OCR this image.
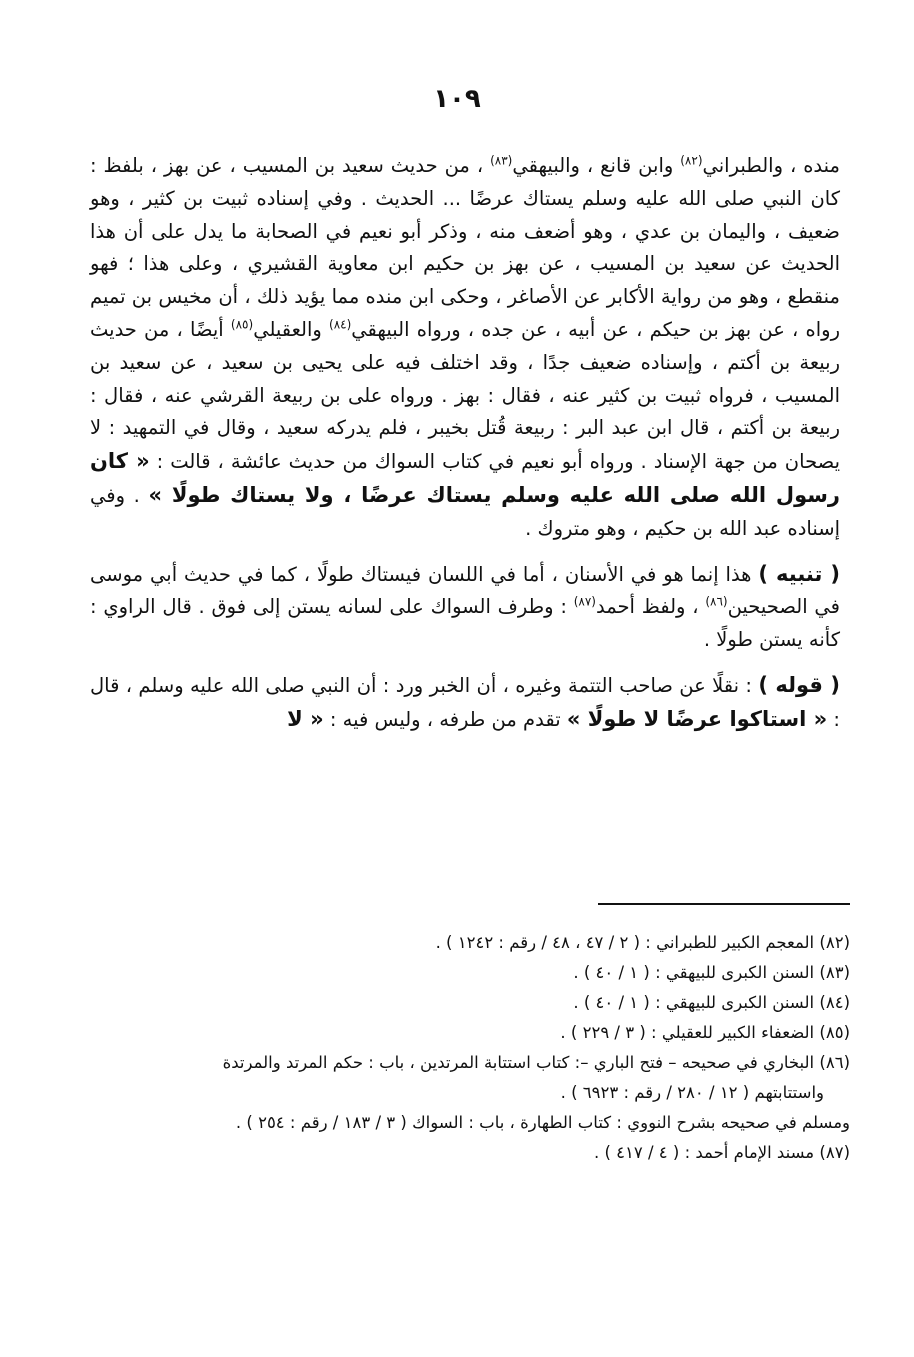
١٠٩

منده ، والطبراني$^{(٨٢)}$ وابن قانع ، والبيهقي$^{(٨٣)}$ ، من حديث سعيد بن المسيب ، عن بهز ، بلفظ : كان النبي صلى الله عليه وسلم يستاك عرضًا ... الحديث . وفي إسناده ثبيت بن كثير ، وهو ضعيف ، واليمان بن عدي ، وهو أضعف منه ، وذكر أبو نعيم في الصحابة ما يدل على أن هذا الحديث عن سعيد بن المسيب ، عن بهز بن حكيم ابن معاوية القشيري ، وعلى هذا ؛ فهو منقطع ، وهو من رواية الأكابر عن الأصاغر ، وحكى ابن منده مما يؤيد ذلك ، أن مخيس بن تميم رواه ، عن بهز بن حيكم ، عن أبيه ، عن جده ، ورواه البيهقي$^{(٨٤)}$ والعقيلي$^{(٨٥)}$ أيضًا ، من حديث ربيعة بن أكتم ، وإسناده ضعيف جدًا ، وقد اختلف فيه على يحيى بن سعيد ، عن سعيد بن المسيب ، فرواه ثبيت بن كثير عنه ، فقال : بهز . ورواه على بن ربيعة القرشي عنه ، فقال : ربيعة بن أكتم ، قال ابن عبد البر : ربيعة قُتل بخيبر ، فلم يدركه سعيد ، وقال في التمهيد : لا يصحان من جهة الإسناد . ورواه أبو نعيم في كتاب السواك من حديث عائشة ، قالت : « كان رسول الله صلى الله عليه وسلم يستاك عرضًا ، ولا يستاك طولًا » . وفي إسناده عبد الله بن حكيم ، وهو متروك .

( تنبيه ) هذا إنما هو في الأسنان ، أما في اللسان فيستاك طولًا ، كما في حديث أبي موسى في الصحيحين$^{(٨٦)}$ ، ولفظ أحمد$^{(٨٧)}$ : وطرف السواك على لسانه يستن إلى فوق . قال الراوي : كأنه يستن طولًا .

( قوله ) : نقلًا عن صاحب التتمة وغيره ، أن الخبر ورد : أن النبي صلى الله عليه وسلم ، قال : « استاكوا عرضًا لا طولًا » تقدم من طرفه ، وليس فيه : « لا

(٨٢) المعجم الكبير للطبراني : ( ٢ / ٤٧ ، ٤٨ / رقم : ١٢٤٢ ) .

(٨٣) السنن الكبرى للبيهقي : ( ١ / ٤٠ ) .

(٨٤) السنن الكبرى للبيهقي : ( ١ / ٤٠ ) .

(٨٥) الضعفاء الكبير للعقيلي : ( ٣ / ٢٢٩ ) .

(٨٦) البخاري في صحيحه – فتح الباري –: كتاب استتابة المرتدين ، باب : حكم المرتد والمرتدة

واستتابتهم ( ١٢ / ٢٨٠ / رقم : ٦٩٢٣ ) .

ومسلم في صحيحه بشرح النووي : كتاب الطهارة ، باب : السواك ( ٣ / ١٨٣ / رقم : ٢٥٤ ) .

(٨٧) مسند الإمام أحمد : ( ٤ / ٤١٧ ) .
